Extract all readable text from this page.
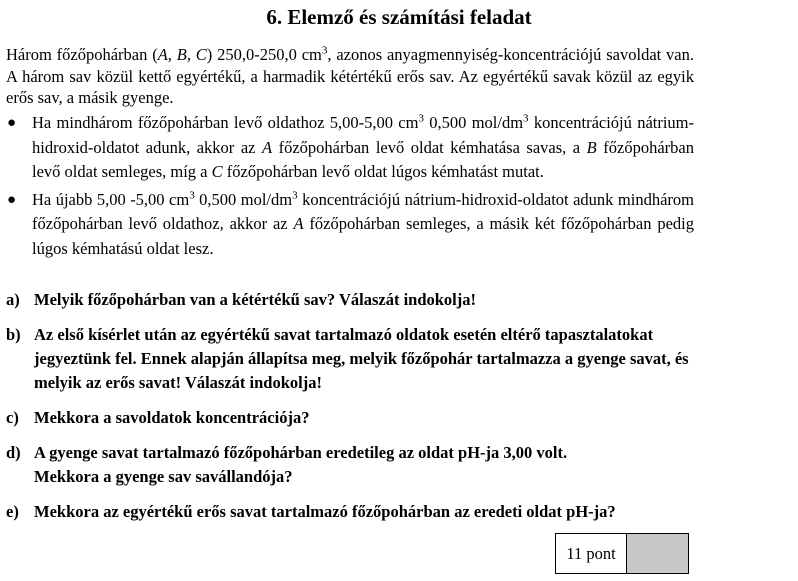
6. Elemző és számítási feladat
Három főzőpohárban (A, B, C) 250,0-250,0 $cm^3$, azonos anyagmennyiség-koncentrációjú savoldat van. A három sav közül kettő egyértékű, a harmadik kétértékű erős sav. Az egyértékű savak közül az egyik erős sav, a másik gyenge.
● Ha mindhárom főzőpohárban levő oldathoz 5,00-5,00 $cm^3$ 0,500 mol/$dm^3$ koncentrációjú nátrium- hidroxid-oldatot adunk, akkor az A főzőpohárban levő oldat kémhatása savas, a B főzőpohárban levő oldat semleges, míg a C főzőpohárban levő oldat lúgos kémhatást mutat.
● Ha újabb 5,00 -5,00 $cm^3$ 0,500 mol/$dm^3$ koncentrációjú nátrium-hidroxid-oldatot adunk mindhárom főzőpohárban levő oldathoz, akkor az A főzőpohárban semleges, a másik két főzőpohárban pedig lúgos kémhatású oldat lesz.
a) Melyik főzőpohárban van a kétértékű sav? Válaszát indokolja!
b) Az első kísérlet után az egyértékű savat tartalmazó oldatok esetén eltérő tapasztalatokat jegyeztünk fel. Ennek alapján állapítsa meg, melyik főzőpohár tartalmazza a gyenge savat, és melyik az erős savat! Válaszát indokolja!
c) Mekkora a savoldatok koncentrációja?
d) A gyenge savat tartalmazó főzőpohárban eredetileg az oldat pH-ja 3,00 volt.
Mekkora a gyenge sav savállandója?
e) Mekkora az egyértékű erős savat tartalmazó főzőpohárban az eredeti oldat pH-ja?
11 pont
